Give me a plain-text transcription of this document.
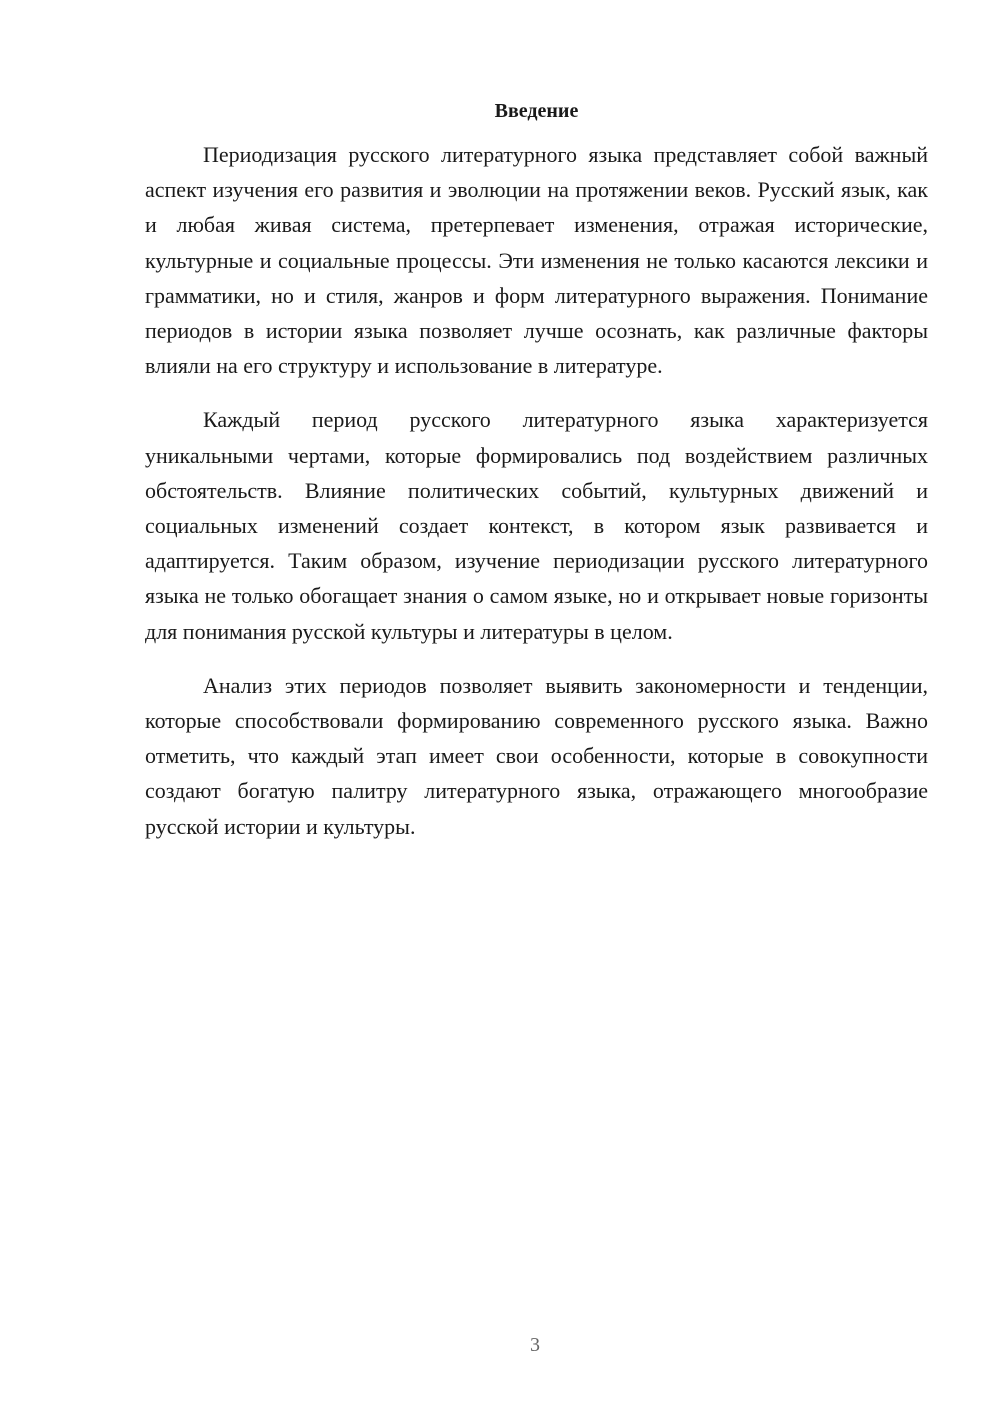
Введение

Периодизация русского литературного языка представляет собой важный аспект изучения его развития и эволюции на протяжении веков. Русский язык, как и любая живая система, претерпевает изменения, отражая исторические, культурные и социальные процессы. Эти изменения не только касаются лексики и грамматики, но и стиля, жанров и форм литературного выражения. Понимание периодов в истории языка позволяет лучше осознать, как различные факторы влияли на его структуру и использование в литературе.

Каждый период русского литературного языка характеризуется уникальными чертами, которые формировались под воздействием различных обстоятельств. Влияние политических событий, культурных движений и социальных изменений создает контекст, в котором язык развивается и адаптируется. Таким образом, изучение периодизации русского литературного языка не только обогащает знания о самом языке, но и открывает новые горизонты для понимания русской культуры и литературы в целом.

Анализ этих периодов позволяет выявить закономерности и тенденции, которые способствовали формированию современного русского языка. Важно отметить, что каждый этап имеет свои особенности, которые в совокупности создают богатую палитру литературного языка, отражающего многообразие русской истории и культуры.

3
